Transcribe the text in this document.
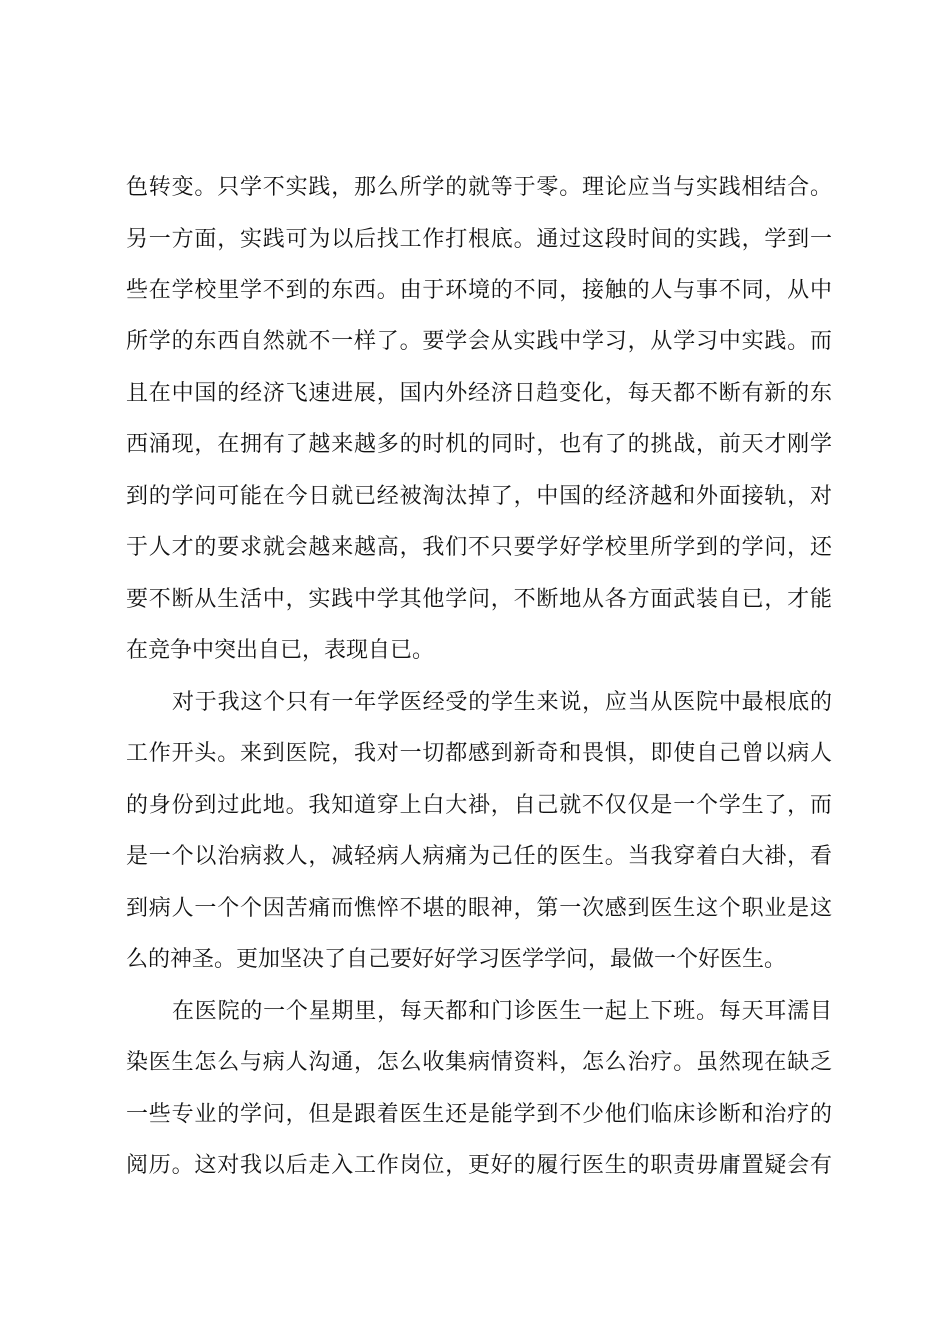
色转变。只学不实践，那么所学的就等于零。理论应当与实践相结合。
另一方面，实践可为以后找工作打根底。通过这段时间的实践，学到一
些在学校里学不到的东西。由于环境的不同，接触的人与事不同，从中
所学的东西自然就不一样了。要学会从实践中学习，从学习中实践。而
且在中国的经济飞速进展，国内外经济日趋变化，每天都不断有新的东
西涌现，在拥有了越来越多的时机的同时，也有了的挑战，前天才刚学
到的学问可能在今日就已经被淘汰掉了，中国的经济越和外面接轨，对
于人才的要求就会越来越高，我们不只要学好学校里所学到的学问，还
要不断从生活中，实践中学其他学问，不断地从各方面武装自已，才能
在竞争中突出自已，表现自已。
对于我这个只有一年学医经受的学生来说，应当从医院中最根底的
工作开头。来到医院，我对一切都感到新奇和畏惧，即使自己曾以病人
的身份到过此地。我知道穿上白大褂，自己就不仅仅是一个学生了，而
是一个以治病救人，减轻病人病痛为己任的医生。当我穿着白大褂，看
到病人一个个因苦痛而憔悴不堪的眼神，第一次感到医生这个职业是这
么的神圣。更加坚决了自己要好好学习医学学问，最做一个好医生。
在医院的一个星期里，每天都和门诊医生一起上下班。每天耳濡目
染医生怎么与病人沟通，怎么收集病情资料，怎么治疗。虽然现在缺乏
一些专业的学问，但是跟着医生还是能学到不少他们临床诊断和治疗的
阅历。这对我以后走入工作岗位，更好的履行医生的职责毋庸置疑会有
